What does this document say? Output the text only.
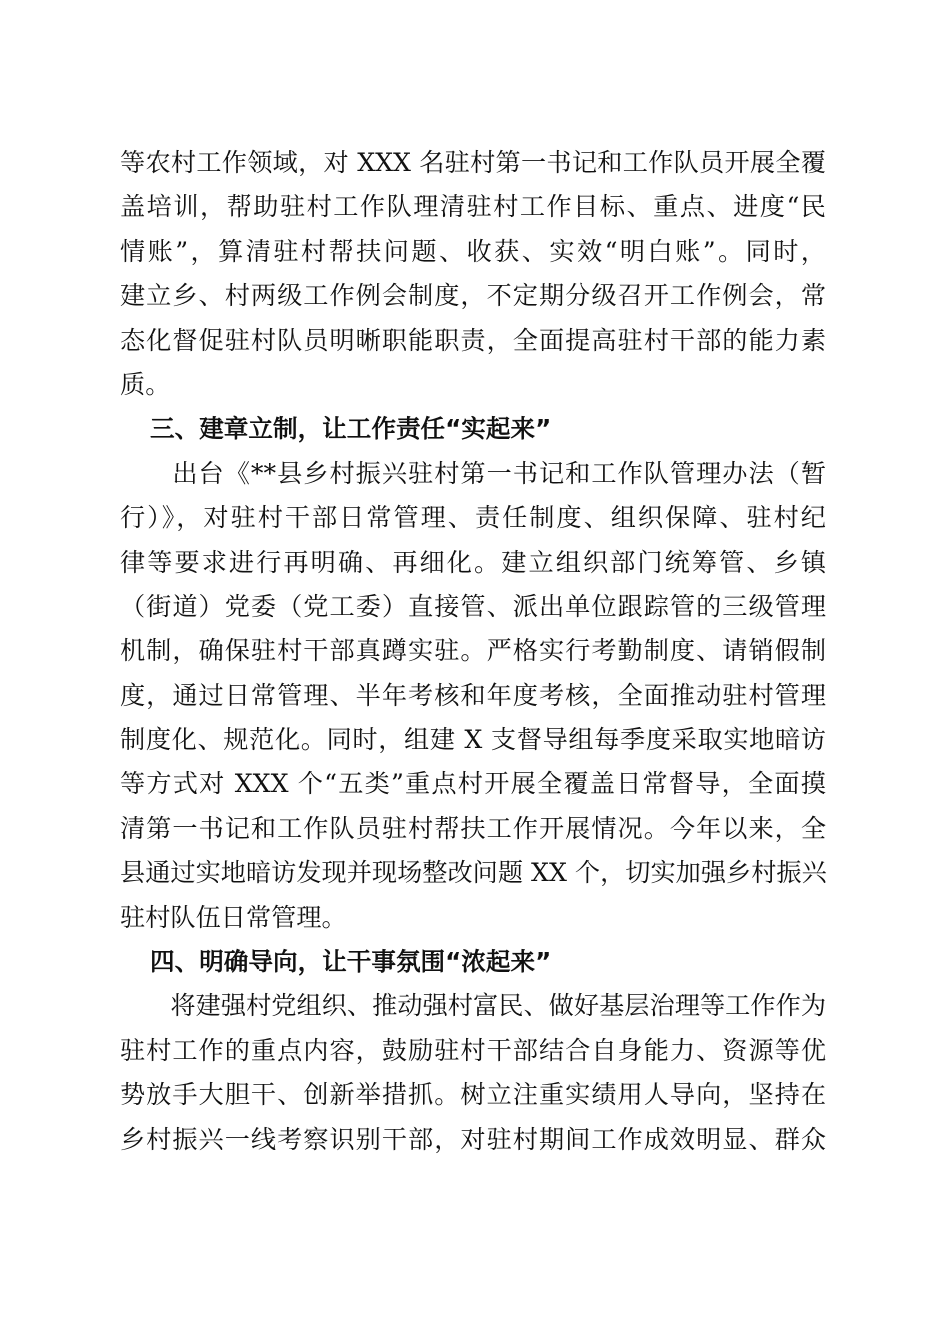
等农村工作领域，对 XXX 名驻村第一书记和工作队员开展全覆
盖培训，帮助驻村工作队理清驻村工作目标、重点、进度“民
情账”，算清驻村帮扶问题、收获、实效“明白账”。同时，
建立乡、村两级工作例会制度，不定期分级召开工作例会，常
态化督促驻村队员明晰职能职责，全面提高驻村干部的能力素
质。
三、建章立制，让工作责任“实起来”
　　出台《**县乡村振兴驻村第一书记和工作队管理办法（暂
行）》，对驻村干部日常管理、责任制度、组织保障、驻村纪
律等要求进行再明确、再细化。建立组织部门统筹管、乡镇
（街道）党委（党工委）直接管、派出单位跟踪管的三级管理
机制，确保驻村干部真蹲实驻。严格实行考勤制度、请销假制
度，通过日常管理、半年考核和年度考核，全面推动驻村管理
制度化、规范化。同时，组建 X 支督导组每季度采取实地暗访
等方式对 XXX 个“五类”重点村开展全覆盖日常督导，全面摸
清第一书记和工作队员驻村帮扶工作开展情况。今年以来，全
县通过实地暗访发现并现场整改问题 XX 个，切实加强乡村振兴
驻村队伍日常管理。
四、明确导向，让干事氛围“浓起来”
　　将建强村党组织、推动强村富民、做好基层治理等工作作为
驻村工作的重点内容，鼓励驻村干部结合自身能力、资源等优
势放手大胆干、创新举措抓。树立注重实绩用人导向，坚持在
乡村振兴一线考察识别干部，对驻村期间工作成效明显、群众
